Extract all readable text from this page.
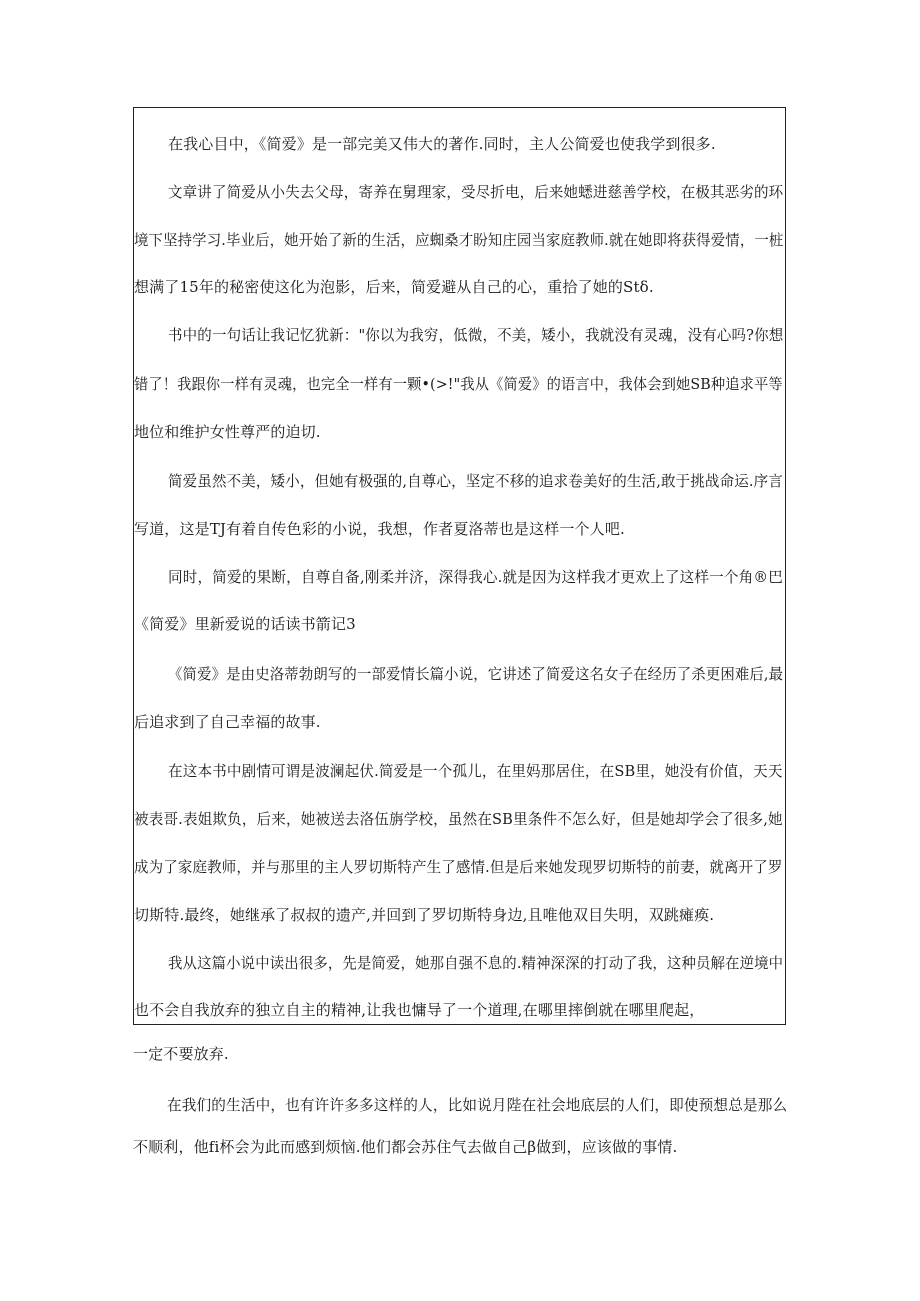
在我心目中，《简爱》是一部完美又伟大的著作.同时，主人公简爱也使我学到很多.

文章讲了简爱从小失去父母，寄养在舅理家，受尽折电，后来她蟋进慈善学校，在极其恶劣的环

境下坚持学习.毕业后，她开始了新的生活，应蜘桑才盼知庄园当家庭教师.就在她即将获得爱情，一桩

想满了15年的秘密使这化为泡影，后来，简爱避从自己的心，重拾了她的Stδ.

书中的一句话让我记忆犹新："你以为我穷，低微，不美，矮小，我就没有灵魂，没有心吗?你想

错了！我跟你一样有灵魂，也完全一样有一颗•(>!"我从《简爱》的语言中，我体会到她SB种追求平等

地位和维护女性尊严的迫切.

简爱虽然不美，矮小，但她有极强的,自尊心，坚定不移的追求卷美好的生活,敢于挑战命运.序言

写道，这是TJ有着自传色彩的小说，我想，作者夏洛蒂也是这样一个人吧.

同时，简爱的果断，自尊自备,刚柔并济，深得我心.就是因为这样我才更欢上了这样一个角®巴

《简爱》里新爱说的话读书箭记3

《简爱》是由史洛蒂勃朗写的一部爱情长篇小说，它讲述了简爱这名女子在经历了杀更困难后,最

后追求到了自己幸福的故事.

在这本书中剧情可谓是波澜起伏.简爱是一个孤儿，在里妈那居住，在SB里，她没有价值，天天

被表哥.表姐欺负，后来，她被送去洛伍旃学校，虽然在SB里条件不怎么好，但是她却学会了很多,她

成为了家庭教师，并与那里的主人罗切斯特产生了感情.但是后来她发现罗切斯特的前妻，就离开了罗

切斯特.最终，她继承了叔叔的遗产,并回到了罗切斯特身边,且唯他双目失明，双跳瘫痪.

我从这篇小说中读出很多，先是简爱，她那自强不息的.精神深深的打动了我，这种员解在逆境中

也不会自我放弃的独立自主的精神,让我也慵导了一个道理,在哪里摔倒就在哪里爬起，

一定不要放弃.

在我们的生活中，也有许许多多这样的人，比如说月陛在社会地底层的人们，即使预想总是那么

不顺利，他fi杯会为此而感到烦恼.他们都会苏住气去做自己β做到，应该做的事情.
